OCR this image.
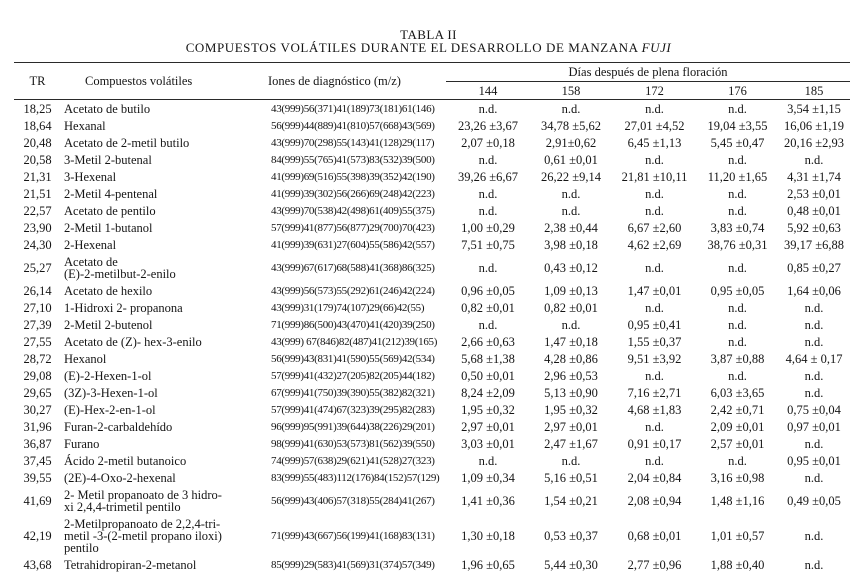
TABLA II
COMPUESTOS VOLÁTILES DURANTE EL DESARROLLO DE MANZANA FUJI
TR	Compuestos volátiles	Iones de diagnóstico (m/z)	Días después de plena floración				
			144	158	172	176	185
18,25	Acetato de butilo	43(999)56(371)41(189)73(181)61(146)	n.d.	n.d.	n.d.	n.d.	3,54 ±1,15
18,64	Hexanal	56(999)44(889)41(810)57(668)43(569)	23,26 ±3,67	34,78 ±5,62	27,01 ±4,52	19,04 ±3,55	16,06 ±1,19
20,48	Acetato de 2-metil butilo	43(999)70(298)55(143)41(128)29(117)	2,07 ±0,18	2,91±0,62	6,45 ±1,13	5,45 ±0,47	20,16 ±2,93
20,58	3-Metil 2-butenal	84(999)55(765)41(573)83(532)39(500)	n.d.	0,61 ±0,01	n.d.	n.d.	n.d.
21,31	3-Hexenal	41(999)69(516)55(398)39(352)42(190)	39,26 ±6,67	26,22 ±9,14	21,81 ±10,11	11,20 ±1,65	4,31 ±1,74
21,51	2-Metil 4-pentenal	41(999)39(302)56(266)69(248)42(223)	n.d.	n.d.	n.d.	n.d.	2,53 ±0,01
22,57	Acetato de pentilo	43(999)70(538)42(498)61(409)55(375)	n.d.	n.d.	n.d.	n.d.	0,48 ±0,01
23,90	2-Metil 1-butanol	57(999)41(877)56(877)29(700)70(423)	1,00 ±0,29	2,38 ±0,44	6,67 ±2,60	3,83 ±0,74	5,92 ±0,63
24,30	2-Hexenal	41(999)39(631)27(604)55(586)42(557)	7,51 ±0,75	3,98 ±0,18	4,62 ±2,69	38,76 ±0,31	39,17 ±6,88
25,27	Acetato de
(E)-2-metilbut-2-enilo	43(999)67(617)68(588)41(368)86(325)	n.d.	0,43 ±0,12	n.d.	n.d.	0,85 ±0,27
26,14	Acetato de hexilo	43(999)56(573)55(292)61(246)42(224)	0,96 ±0,05	1,09 ±0,13	1,47 ±0,01	0,95 ±0,05	1,64 ±0,06
27,10	1-Hidroxi 2- propanona	43(999)31(179)74(107)29(66)42(55)	0,82 ±0,01	0,82 ±0,01	n.d.	n.d.	n.d.
27,39	2-Metil 2-butenol	71(999)86(500)43(470)41(420)39(250)	n.d.	n.d.	0,95 ±0,41	n.d.	n.d.
27,55	Acetato de (Z)- hex-3-enilo	43(999) 67(846)82(487)41(212)39(165)	2,66 ±0,63	1,47 ±0,18	1,55 ±0,37	n.d.	n.d.
28,72	Hexanol	56(999)43(831)41(590)55(569)42(534)	5,68 ±1,38	4,28 ±0,86	9,51 ±3,92	3,87 ±0,88	4,64 ± 0,17
29,08	(E)-2-Hexen-1-ol	57(999)41(432)27(205)82(205)44(182)	0,50 ±0,01	2,96 ±0,53	n.d.	n.d.	n.d.
29,65	(3Z)-3-Hexen-1-ol	67(999)41(750)39(390)55(382)82(321)	8,24 ±2,09	5,13 ±0,90	7,16 ±2,71	6,03 ±3,65	n.d.
30,27	(E)-Hex-2-en-1-ol	57(999)41(474)67(323)39(295)82(283)	1,95 ±0,32	1,95 ±0,32	4,68 ±1,83	2,42 ±0,71	0,75 ±0,04
31,96	Furan-2-carbaldehído	96(999)95(991)39(644)38(226)29(201)	2,97 ±0,01	2,97 ±0,01	n.d.	2,09 ±0,01	0,97 ±0,01
36,87	Furano	98(999)41(630)53(573)81(562)39(550)	3,03 ±0,01	2,47 ±1,67	0,91 ±0,17	2,57 ±0,01	n.d.
37,45	Ácido 2-metil butanoico	74(999)57(638)29(621)41(528)27(323)	n.d.	n.d.	n.d.	n.d.	0,95 ±0,01
39,55	(2E)-4-Oxo-2-hexenal	83(999)55(483)112(176)84(152)57(129)	1,09 ±0,34	5,16 ±0,51	2,04 ±0,84	3,16 ±0,98	n.d.
41,69	2- Metil propanoato de 3 hidro-
xi 2,4,4-trimetil pentilo	56(999)43(406)57(318)55(284)41(267)	1,41 ±0,36	1,54 ±0,21	2,08 ±0,94	1,48 ±1,16	0,49 ±0,05
42,19	2-Metilpropanoato de 2,2,4-tri-
metil -3-(2-metil propano iloxi)
pentilo	71(999)43(667)56(199)41(168)83(131)	1,30 ±0,18	0,53 ±0,37	0,68 ±0,01	1,01 ±0,57	n.d.
43,68	Tetrahidropiran-2-metanol	85(999)29(583)41(569)31(374)57(349)	1,96 ±0,65	5,44 ±0,30	2,77 ±0,96	1,88 ±0,40	n.d.
